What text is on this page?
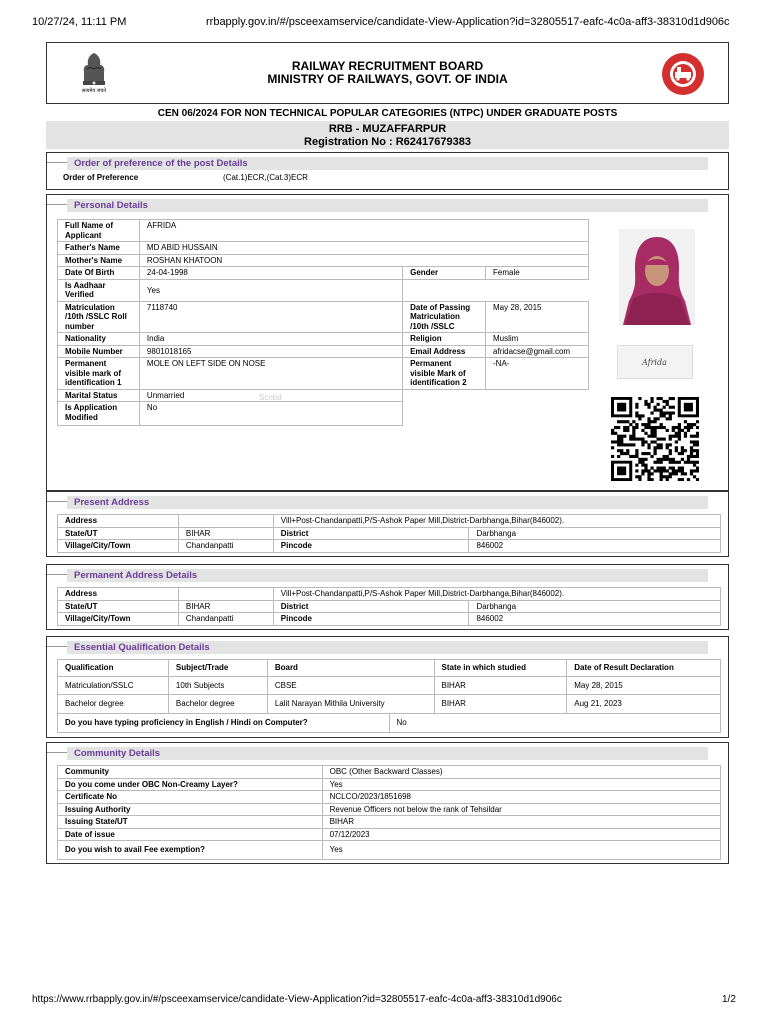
10/27/24, 11:11 PM	rrbapply.gov.in/#/psceexamservice/candidate-View-Application?id=32805517-eafc-4c0a-aff3-38310d1d906c
सत्यमेव जयते
RAILWAY RECRUITMENT BOARD
MINISTRY OF RAILWAYS, GOVT. OF INDIA
CEN 06/2024 FOR NON TECHNICAL POPULAR CATEGORIES (NTPC) UNDER GRADUATE POSTS
RRB - MUZAFFARPUR
Registration No : R62417679383
Order of preference of the post Details
Order of Preference	(Cat.1)ECR,(Cat.3)ECR
Personal Details
Full Name of Applicant	AFRIDA		
Father's Name	MD ABID HUSSAIN		
Mother's Name	ROSHAN KHATOON		
Date Of Birth	24-04-1998	Gender	Female
Is Aadhaar Verified	Yes		
Matriculation /10th /SSLC Roll number	7118740	Date of Passing Matriculation /10th /SSLC	May 28, 2015
Nationality	India	Religion	Muslim
Mobile Number	9801018165	Email Address	afridacse@gmail.com
Permanent visible mark of identification 1	MOLE ON LEFT SIDE ON NOSE	Permanent visible Mark of identification 2	-NA-
Marital Status	Unmarried		
Is Application Modified	No		
Scribd
Afrida
Present Address
Address		Vill+Post-Chandanpatti,P/S-Ashok Paper Mill,District-Darbhanga,Bihar(846002).	
State/UT	BIHAR	District	Darbhanga
Village/City/Town	Chandanpatti	Pincode	846002
Permanent Address Details
Address		Vill+Post-Chandanpatti,P/S-Ashok Paper Mill,District-Darbhanga,Bihar(846002).	
State/UT	BIHAR	District	Darbhanga
Village/City/Town	Chandanpatti	Pincode	846002
Essential Qualification Details
Qualification	Subject/Trade	Board	State in which studied	Date of Result Declaration
Matriculation/SSLC	10th Subjects	CBSE	BIHAR	May 28, 2015
Bachelor degree	Bachelor degree	Lalit Narayan Mithila University	BIHAR	Aug 21, 2023
Do you have typing proficiency in English / Hindi on Computer?	No
Community Details
Community	OBC (Other Backward Classes)
Do you come under OBC Non-Creamy Layer?	Yes
Certificate No	NCLCO/2023/1851698
Issuing Authority	Revenue Officers not below the rank of Tehsildar
Issuing State/UT	BIHAR
Date of issue	07/12/2023
Do you wish to avail Fee exemption?	Yes
https://www.rrbapply.gov.in/#/psceexamservice/candidate-View-Application?id=32805517-eafc-4c0a-aff3-38310d1d906c	1/2
